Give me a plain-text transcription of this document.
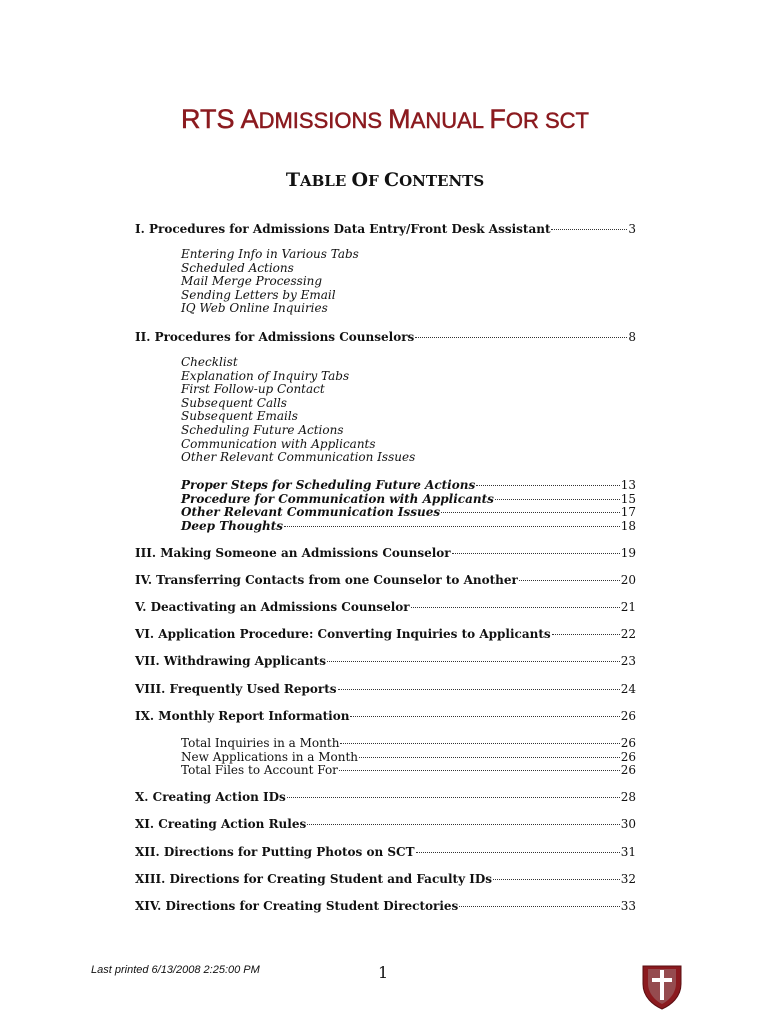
RTS ADMISSIONS MANUAL FOR SCT
TABLE OF CONTENTS
I. Procedures for Admissions Data Entry/Front Desk Assistant	3
Entering Info in Various Tabs
Scheduled Actions
Mail Merge Processing
Sending Letters by Email
IQ Web Online Inquiries
II. Procedures for Admissions Counselors	8
Checklist
Explanation of Inquiry Tabs
First Follow-up Contact
Subsequent Calls
Subsequent Emails
Scheduling Future Actions
Communication with Applicants
Other Relevant Communication Issues
Proper Steps for Scheduling Future Actions	13
Procedure for Communication with Applicants	15
Other Relevant Communication Issues	17
Deep Thoughts	18
III. Making Someone an Admissions Counselor	19
IV. Transferring Contacts from one Counselor to Another	20
V. Deactivating an Admissions Counselor	21
VI. Application Procedure: Converting Inquiries to Applicants	22
VII. Withdrawing Applicants	23
VIII. Frequently Used Reports	24
IX. Monthly Report Information	26
Total Inquiries in a Month	26
New Applications in a Month	26
Total Files to Account For	26
X. Creating Action IDs	28
XI. Creating Action Rules	30
XII. Directions for Putting Photos on SCT	31
XIII. Directions for Creating Student and Faculty IDs	32
XIV. Directions for Creating Student Directories	33
Last printed 6/13/2008 2:25:00 PM	1
